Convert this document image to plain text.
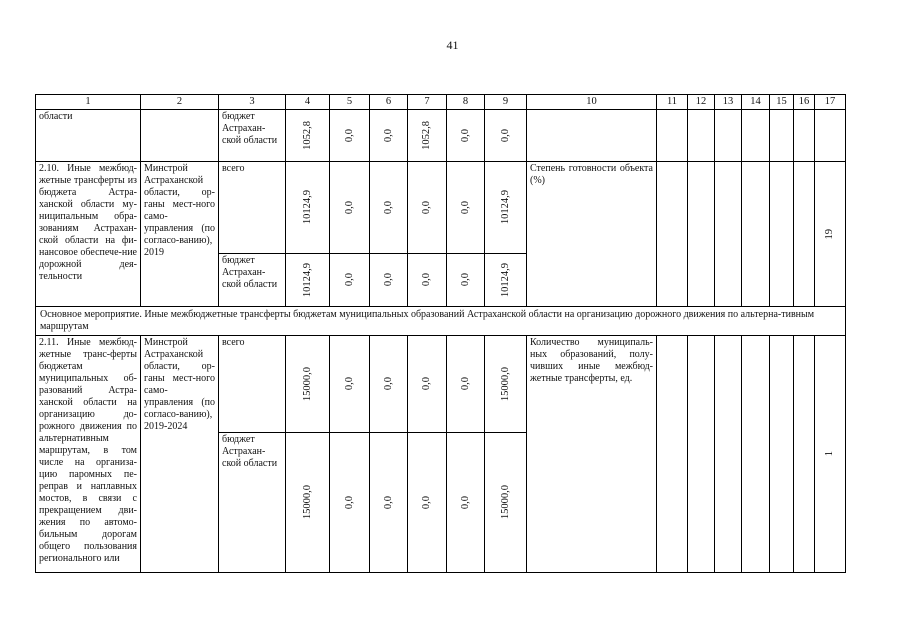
41
1	2	3	4	5	6	7	8	9	10	11	12	13	14	15	16	17
области		бюджет Астрахан-ской области	1052,8	0,0	0,0	1052,8	0,0	0,0								

2.10. Иные межбюд-жетные трансферты из бюджета Астра-ханской области му-ниципальным обра-зованиям Астрахан-ской области на фи-нансовое обеспече-ние дорожной дея-тельности	Минстрой Астраханской области, ор-ганы мест-ного само-управления (по согласо-ванию), 2019	всего	10124,9	0,0	0,0	0,0	0,0	10124,9	Степень готовности объекта (%)							19

		бюджет Астрахан-ской области	10124,9	0,0	0,0	0,0	0,0	10124,9								

Основное мероприятие. Иные межбюджетные трансферты бюджетам муниципальных образований Астраханской области на организацию дорожного движения по альтерна-тивным маршрутам																
2.11. Иные межбюд-жетные транс-ферты бюджетам муниципальных об-разований Астра-ханской области на организацию до-рожного движения по альтернативным маршрутам, в том числе на организа-цию паромных пе-реправ и наплавных мостов, в связи с прекращением дви-жения по автомо-бильным дорогам общего пользования регионального или	Минстрой Астраханской области, ор-ганы мест-ного само-управления (по согласо-ванию), 2019-2024	всего	15000,0	0,0	0,0	0,0	0,0	15000,0	Количество муниципаль-ных образований, полу-чивших иные межбюд-жетные трансферты, ед.							1

		бюджет Астрахан-ской области	15000,0	0,0	0,0	0,0	0,0	15000,0								
